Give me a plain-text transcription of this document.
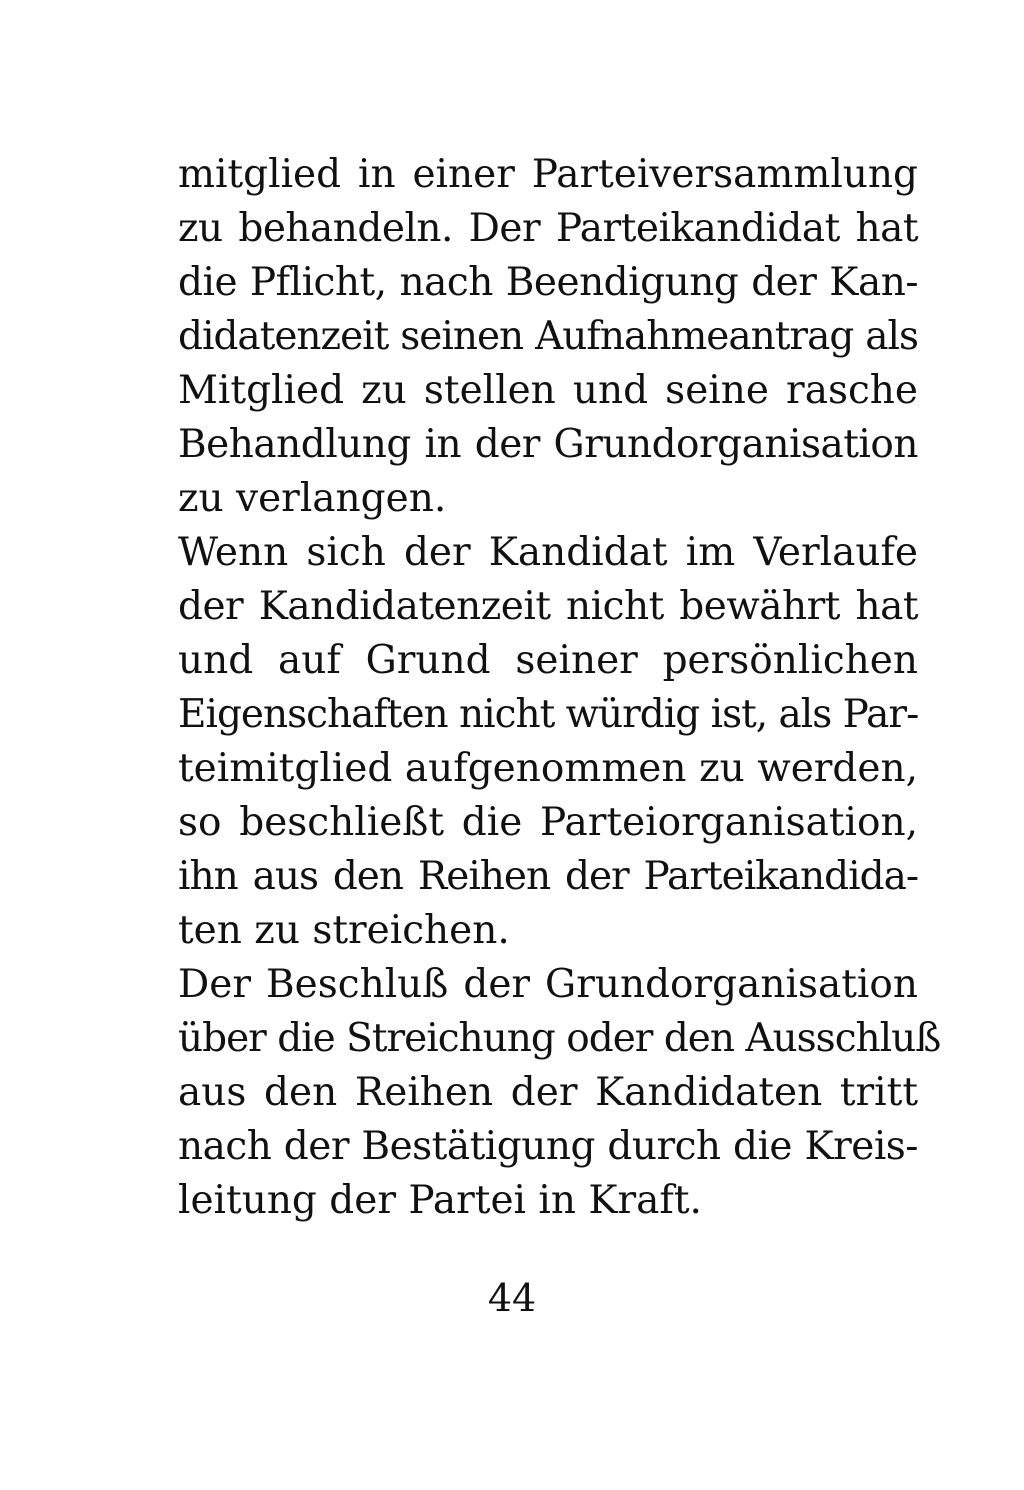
mitglied in einer Parteiversammlung
zu behandeln. Der Parteikandidat hat
die Pflicht, nach Beendigung der Kan-
didatenzeit seinen Aufnahmeantrag als
Mitglied zu stellen und seine rasche
Behandlung in der Grundorganisation
zu verlangen.
Wenn sich der Kandidat im Verlaufe
der Kandidatenzeit nicht bewährt hat
und auf Grund seiner persönlichen
Eigenschaften nicht würdig ist, als Par-
teimitglied aufgenommen zu werden,
so beschließt die Parteiorganisation,
ihn aus den Reihen der Parteikandida-
ten zu streichen.
Der Beschluß der Grundorganisation
über die Streichung oder den Ausschluß
aus den Reihen der Kandidaten tritt
nach der Bestätigung durch die Kreis-
leitung der Partei in Kraft.
44
